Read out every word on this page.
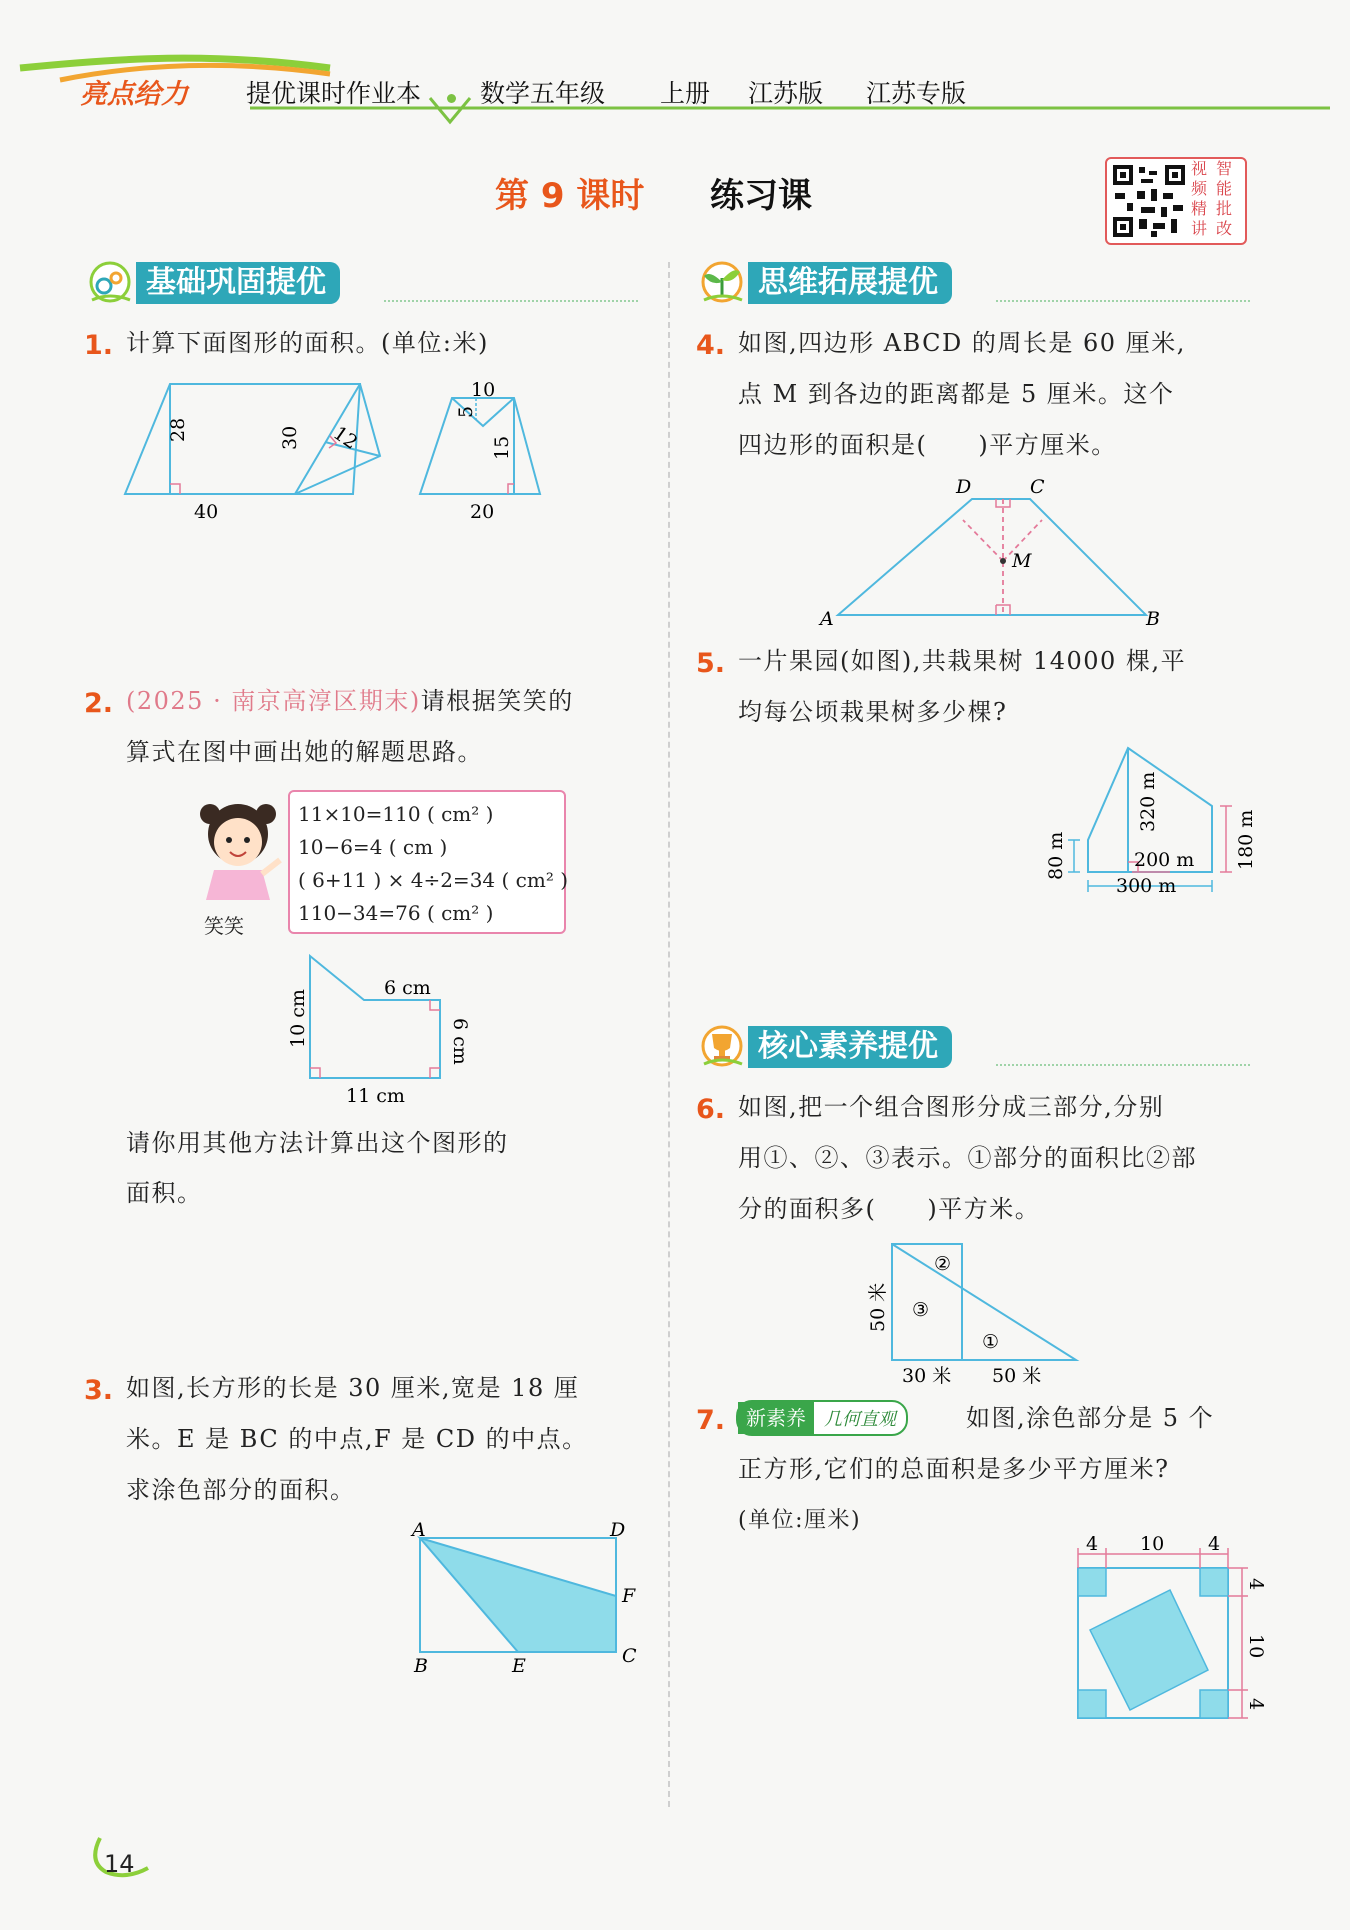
亮点给力 提优课时作业本 数学五年级 上册 江苏版 江苏专版
第 9 课时 练习课
视 智
频 能
精 批
讲 改
基础巩固提优
1. 计算下面图形的面积。(单位:米)
28	30 12
40
10
5
15
20
2. (2025 · 南京高淳区期末)请根据笑笑的
算式在图中画出她的解题思路。
笑笑
11×10=110 ( cm² )
10−6=4 ( cm )
( 6+11 ) × 4÷2=34 ( cm² )
110−34=76 ( cm² )
6 cm
10 cm	6 cm
11 cm
请你用其他方法计算出这个图形的
面积。
3. 如图,长方形的长是 30 厘米,宽是 18 厘
米。E 是 BC 的中点,F 是 CD 的中点。
求涂色部分的面积。
A	D
F
C
B	E
思维拓展提优
4. 如图,四边形 ABCD 的周长是 60 厘米,
点 M 到各边的距离都是 5 厘米。这个
四边形的面积是(　　)平方厘米。
D	C
M
A	B
5. 一片果园(如图),共栽果树 14000 棵,平
均每公顷栽果树多少棵?
320 m
80 m	200 m 180 m
300 m
核心素养提优
6. 如图,把一个组合图形分成三部分,分别
用①、②、③表示。①部分的面积比②部
分的面积多(　　)平方米。
②
③
①
50 米
30 米 50 米
7.	新素养	几何直观	如图,涂色部分是 5 个
正方形,它们的总面积是多少平方厘米?
(单位:厘米)
4 10 4
4
10
4
14
